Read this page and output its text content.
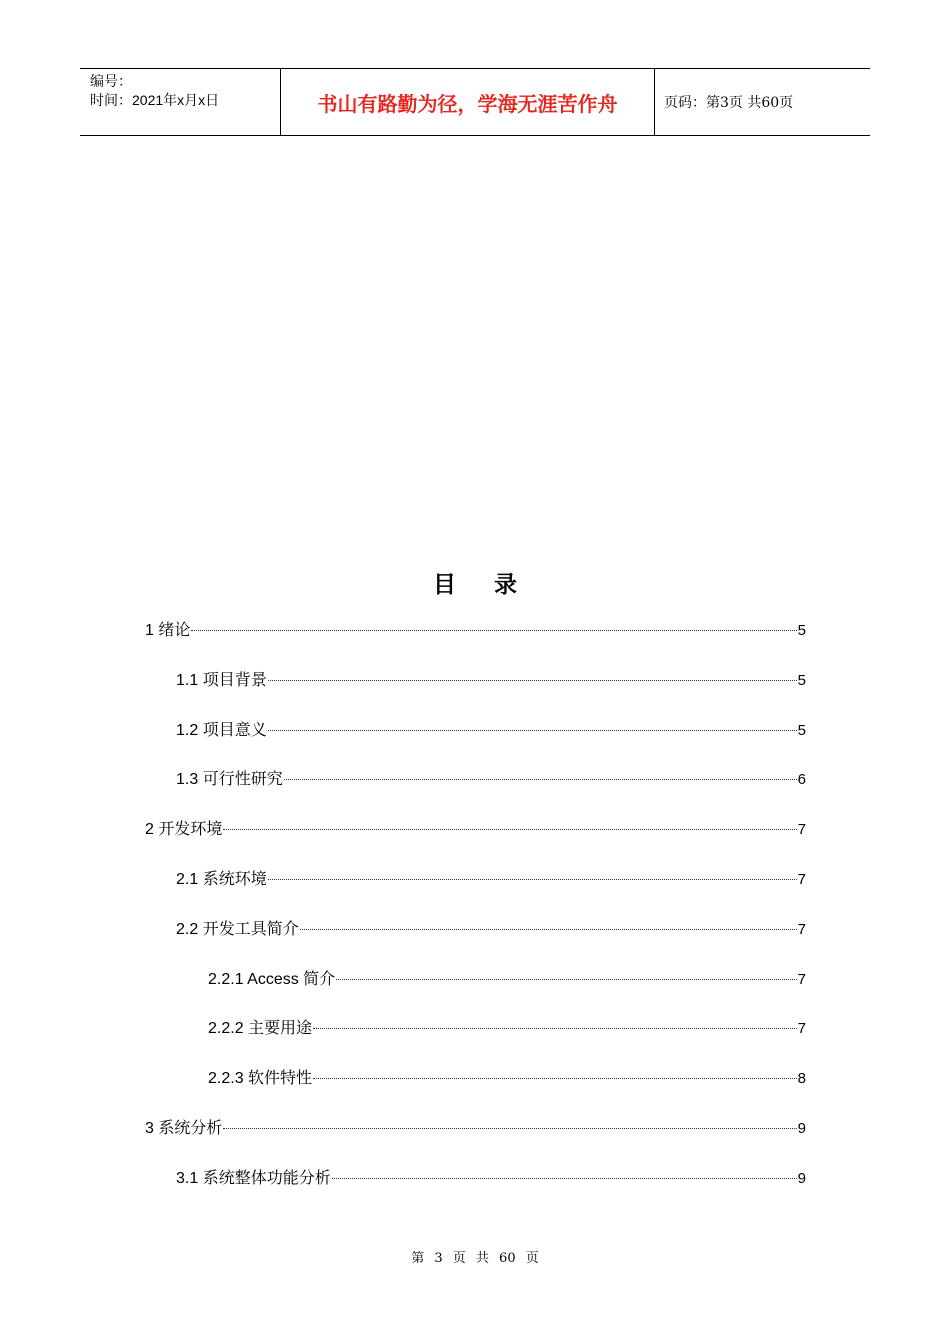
编号：
时间：2021年x月x日	书山有路勤为径，学海无涯苦作舟	页码：第3页 共60页
目录
1 绪论	5
1.1 项目背景	5
1.2 项目意义	5
1.3 可行性研究	6
2 开发环境	7
2.1 系统环境	7
2.2 开发工具简介	7
2.2.1 Access 简介	7
2.2.2 主要用途	7
2.2.3 软件特性	8
3 系统分析	9
3.1 系统整体功能分析	9
第 3 页 共 60 页
